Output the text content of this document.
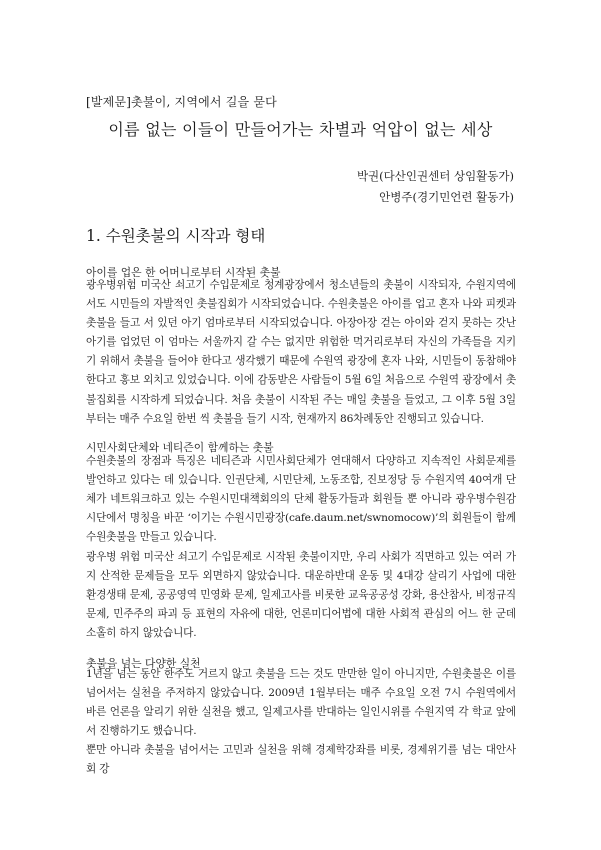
[발제문]촛불이, 지역에서 길을 묻다
이름 없는 이들이 만들어가는 차별과 억압이 없는 세상
박권(다산인권센터 상임활동가)
안병주(경기민언련 활동가)
1. 수원촛불의 시작과 형태
아이를 업은 한 어머니로부터 시작된 촛불
광우병위험 미국산 쇠고기 수입문제로 청계광장에서 청소년들의 촛불이 시작되자, 수원지역에서도 시민들의 자발적인 촛불집회가 시작되었습니다. 수원촛불은 아이를 업고 혼자 나와 피켓과 촛불을 들고 서 있던 아기 엄마로부터 시작되었습니다. 아장아장 걷는 아이와 걷지 못하는 갓난아기를 업었던 이 엄마는 서울까지 갈 수는 없지만 위험한 먹거리로부터 자신의 가족들을 지키기 위해서 촛불을 들어야 한다고 생각했기 때문에 수원역 광장에 혼자 나와, 시민들이 동참해야 한다고 홍보 외치고 있었습니다. 이에 감동받은 사람들이 5월 6일 처음으로 수원역 광장에서 촛불집회를 시작하게 되었습니다. 처음 촛불이 시작된 주는 매일 촛불을 들었고, 그 이후 5월 3일부터는 매주 수요일 한번 씩 촛불을 들기 시작, 현재까지 86차례동안 진행되고 있습니다.
시민사회단체와 네티즌이 함께하는 촛불
수원촛불의 장점과 특징은 네티즌과 시민사회단체가 연대해서 다양하고 지속적인 사회문제를 발언하고 있다는 데 있습니다. 인권단체, 시민단체, 노동조합, 진보정당 등 수원지역 40여개 단체가 네트워크하고 있는 수원시민대책회의의 단체 활동가들과 회원들 뿐 아니라 광우병수원감시단에서 명칭을 바꾼 ‘이기는 수원시민광장(cafe.daum.net/swnomocow)’의 회원들이 함께 수원촛불을 만들고 있습니다.
광우병 위험 미국산 쇠고기 수입문제로 시작된 촛불이지만, 우리 사회가 직면하고 있는 여러 가지 산적한 문제들을 모두 외면하지 않았습니다. 대운하반대 운동 및 4대강 살리기 사업에 대한 환경생태 문제, 공공영역 민영화 문제, 일제고사를 비롯한 교육공공성 강화, 용산참사, 비정규직 문제, 민주주의 파괴 등 표현의 자유에 대한, 언론미디어법에 대한 사회적 관심의 어느 한 군데 소홀히 하지 않았습니다.
촛불을 넘는 다양한 실천
1년을 넘는 동안 한주도 거르지 않고 촛불을 드는 것도 만만한 일이 아니지만, 수원촛불은 이를 넘어서는 실천을 주저하지 않았습니다. 2009년 1월부터는 매주 수요일 오전 7시 수원역에서 바른 언론을 알리기 위한 실천을 했고, 일제고사를 반대하는 일인시위를 수원지역 각 학교 앞에서 진행하기도 했습니다.
뿐만 아니라 촛불을 넘어서는 고민과 실천을 위해 경제학강좌를 비롯, 경제위기를 넘는 대안사회 강
